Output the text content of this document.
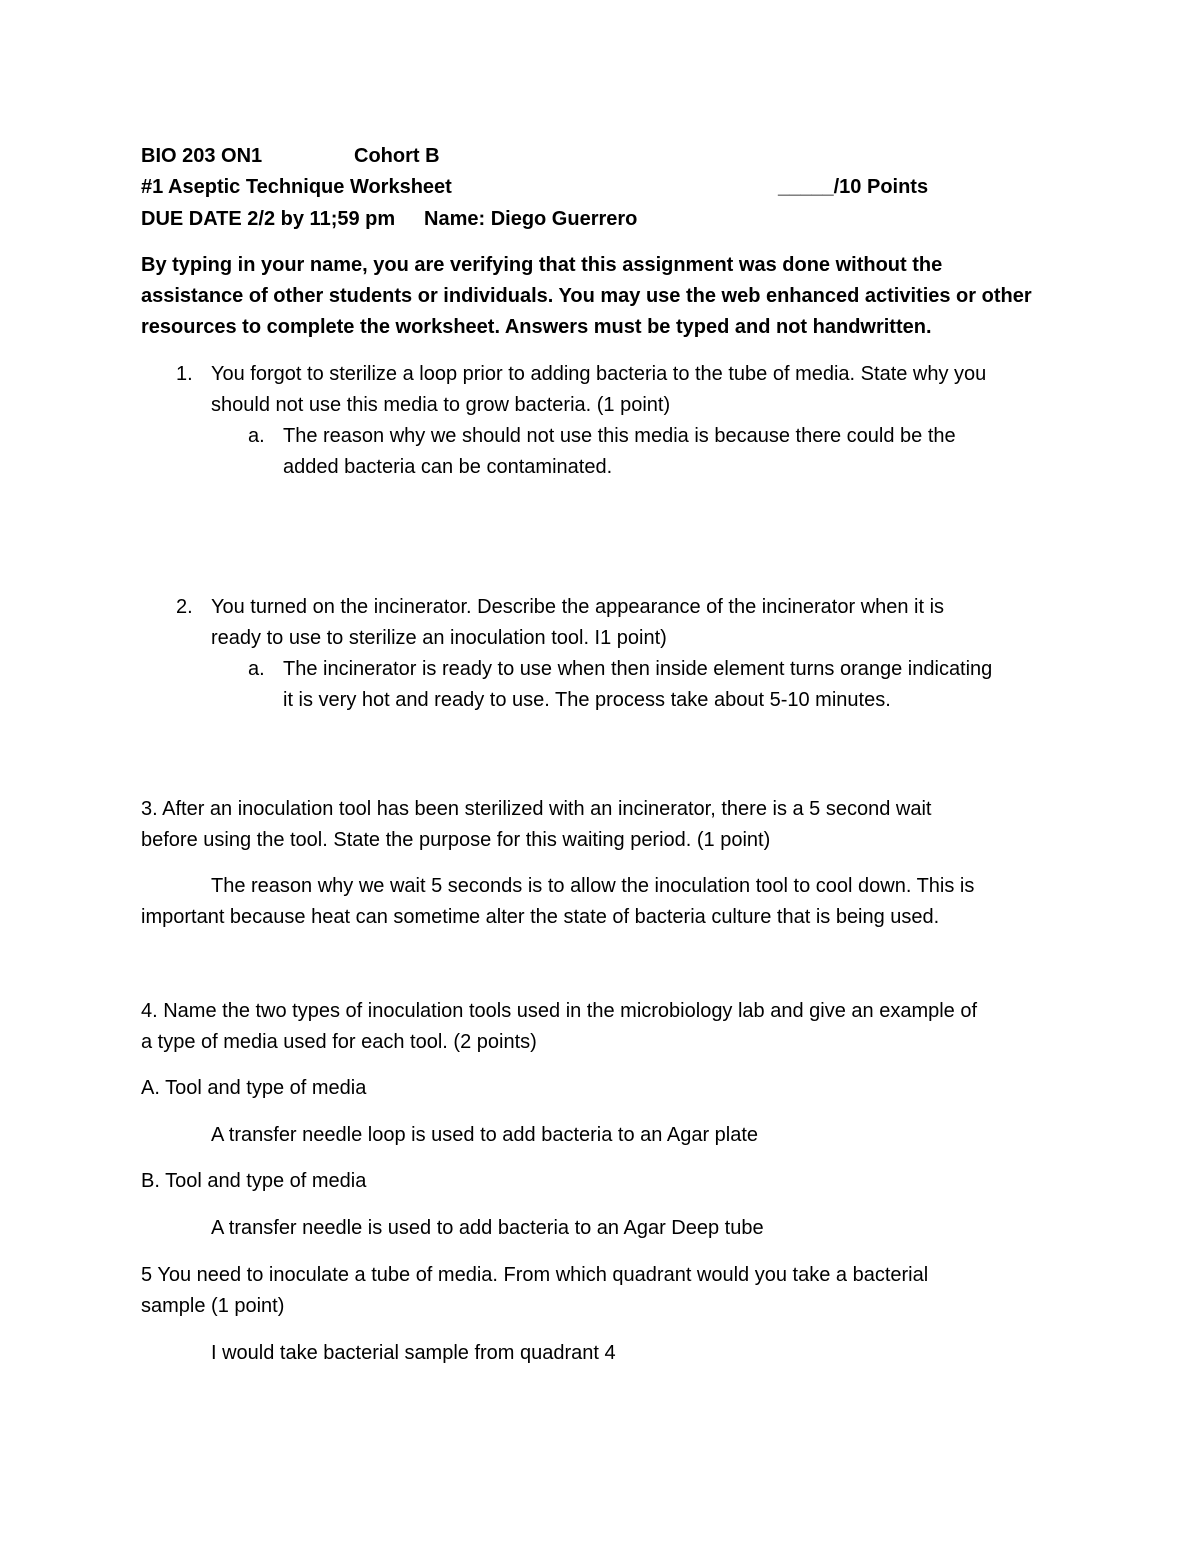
BIO 203 ON1	Cohort B
#1 Aseptic Technique Worksheet	_____/10 Points
DUE DATE 2/2 by 11;59 pm Name: Diego Guerrero
By typing in your name, you are verifying that this assignment was done without the
assistance of other students or individuals. You may use the web enhanced activities or other
resources to complete the worksheet. Answers must be typed and not handwritten.
1. You forgot to sterilize a loop prior to adding bacteria to the tube of media. State why you
should not use this media to grow bacteria. (1 point)
a. The reason why we should not use this media is because there could be the
added bacteria can be contaminated.
2. You turned on the incinerator. Describe the appearance of the incinerator when it is
ready to use to sterilize an inoculation tool. I1 point)
a. The incinerator is ready to use when then inside element turns orange indicating
it is very hot and ready to use. The process take about 5-10 minutes.
3. After an inoculation tool has been sterilized with an incinerator, there is a 5 second wait
before using the tool. State the purpose for this waiting period. (1 point)
The reason why we wait 5 seconds is to allow the inoculation tool to cool down. This is
important because heat can sometime alter the state of bacteria culture that is being used.
4. Name the two types of inoculation tools used in the microbiology lab and give an example of
a type of media used for each tool. (2 points)
A. Tool and type of media
A transfer needle loop is used to add bacteria to an Agar plate
B. Tool and type of media
A transfer needle is used to add bacteria to an Agar Deep tube
5 You need to inoculate a tube of media. From which quadrant would you take a bacterial
sample (1 point)
I would take bacterial sample from quadrant 4
